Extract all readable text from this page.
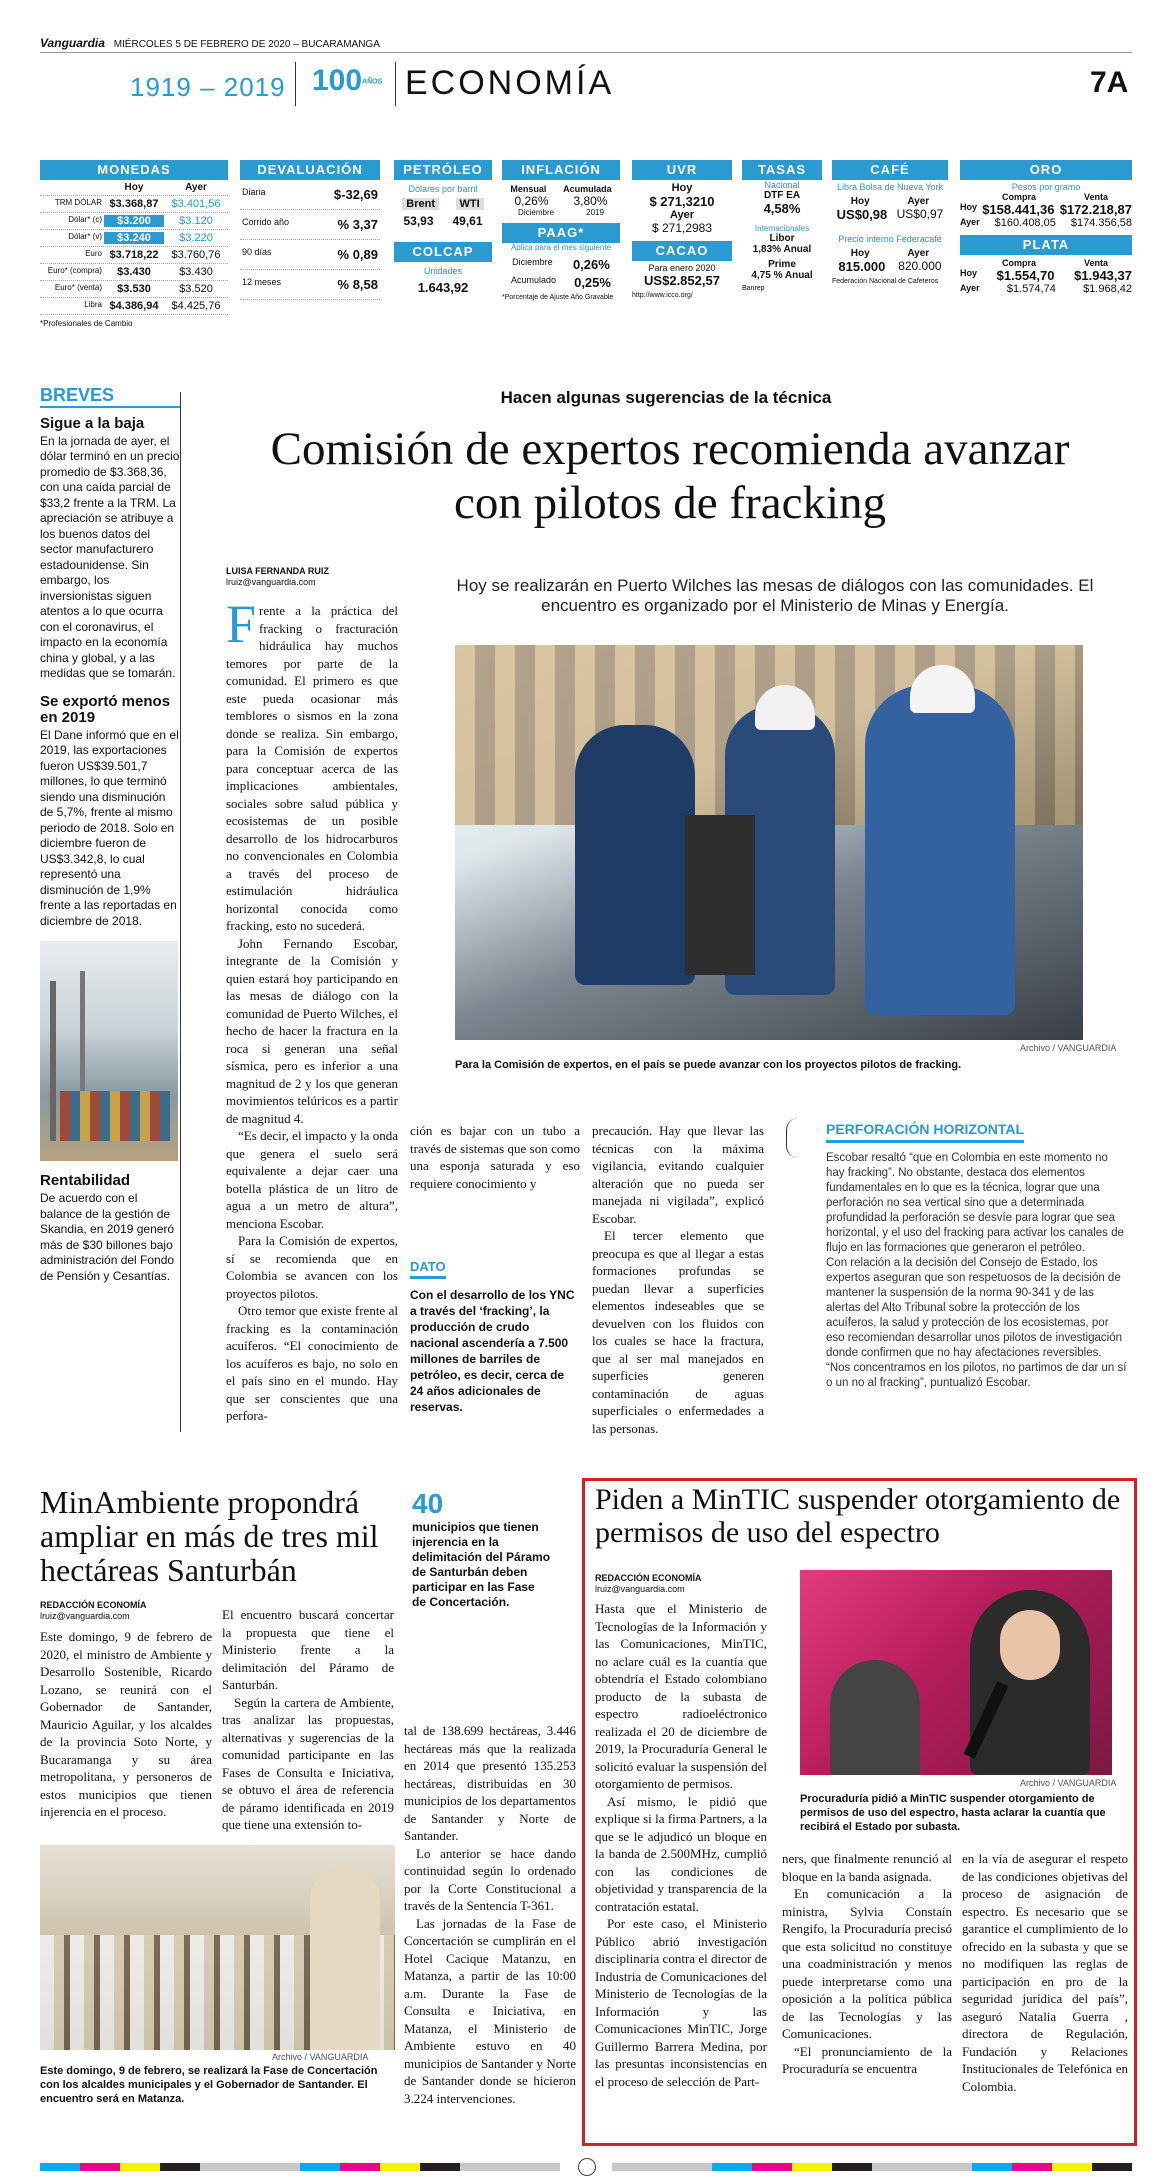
Vanguardia MIÉRCOLES 5 DE FEBRERO DE 2020 – BUCARAMANGA
1919 – 2019 100AÑOS ECONOMÍA	7A
MONEDAS
Hoy	Ayer
TRM DÓLAR $3.368,87	$3.401,56
Dólar* (c)	$3.200	$3.120
Dólar* (v)	$3.240	$3.220
Euro $3.718,22	$3.760,76
Euro* (compra)	$3.430	$3.430
Euro* (venta)	$3.530	$3.520
Libra $4.386,94	$4.425,76
*Profesionales de Cambio
DEVALUACIÓN
Diaria	$-32,69
Corrido año	% 3,37
90 días	% 0,89
12 meses	% 8,58
PETRÓLEO
Dólares por barril
Brent	WTI
53,93 49,61
COLCAP
Unidades
1.643,92
INFLACIÓN
Mensual Acumulada
0,26% 3,80%
Diciembre	2019
PAAG*
Aplica para el mes siguiente
Diciembre 0,26%
Acumulado 0,25%
*Porcentaje de Ajuste Año Gravable
UVR
Hoy
$ 271,3210
Ayer
$ 271,2983
CACAO
Para enero 2020
US$2.852,57
http://www.icco.org/
TASAS
Nacional
DTF EA
4,58%
Internacionales
Libor
1,83% Anual
Prime
4,75 % Anual
Banrep
CAFÉ
Libra Bolsa de Nueva York
Hoy	Ayer
US$0,98 US$0,97
Precio interno Federacafé
Hoy	Ayer
815.000 820.000
Federación Nacional de Cafeteros
ORO
Pesos por gramo
Compra	Venta
Hoy $158.441,36 $172.218,87
Ayer $160.408,05 $174.356,58
PLATA
Compra	Venta
Hoy $1.554,70 $1.943,37
Ayer $1.574,74 $1.968,42
BREVES
Sigue a la baja
En la jornada de ayer, el dólar terminó en un precio promedio de $3.368,36, con una caída parcial de $33,2 frente a la TRM. La apreciación se atribuye a los buenos datos del sector manufacturero estadounidense. Sin embargo, los inversionistas siguen atentos a lo que ocurra con el coronavirus, el impacto en la economía china y global, y a las medidas que se tomarán.
Se exportó menos en 2019
El Dane informó que en el 2019, las exportaciones fueron US$39.501,7 millones, lo que terminó siendo una disminución de 5,7%, frente al mismo periodo de 2018. Solo en diciembre fueron de US$3.342,8, lo cual representó una disminución de 1,9% frente a las reportadas en diciembre de 2018.
Rentabilidad
De acuerdo con el balance de la gestión de Skandia, en 2019 generó más de $30 billones bajo administración del Fondo de Pensión y Cesantías.
Hacen algunas sugerencias de la técnica
Comisión de expertos recomienda avanzar con pilotos de fracking
LUISA FERNANDA RUIZ
lruiz@vanguardia.com	Hoy se realizarán en Puerto Wilches las mesas de diálogos con las comunidades. El encuentro es organizado por el Ministerio de Minas y Energía.
Frente a la práctica del fracking o fracturación hidráulica hay muchos temores por parte de la comunidad. El primero es que este pueda ocasionar más temblores o sismos en la zona donde se realiza. Sin embargo, para la Comisión de expertos para conceptuar acerca de las implicaciones ambientales, sociales sobre salud pública y ecosistemas de un posible desarrollo de los hidrocarburos no convencionales en Colombia a través del proceso de estimulación hidráulica horizontal conocida como fracking, esto no sucederá.

John Fernando Escobar, integrante de la Comisión y quien estará hoy participando en las mesas de diálogo con la comunidad de Puerto Wilches, el hecho de hacer la fractura en la roca si generan una señal sísmica, pero es inferior a una magnitud de 2 y los que generan movimientos telúricos es a partir de magnitud 4.

“Es decir, el impacto y la onda que genera el suelo será equivalente a dejar caer una botella plástica de un litro de agua a un metro de altura”, menciona Escobar.

Para la Comisión de expertos, sí se recomienda que en Colombia se avancen con los proyectos pilotos.

Otro temor que existe frente al fracking es la contaminación acuíferos. “El conocimiento de los acuíferos es bajo, no solo en el país sino en el mundo. Hay que ser conscientes que una perfora-

Archivo / VANGUARDIA
Para la Comisión de expertos, en el país se puede avanzar con los proyectos pilotos de fracking.
ción es bajar con un tubo a través de sistemas que son como una esponja saturada y eso requiere conocimiento y
DATO
Con el desarrollo de los YNC a través del ‘fracking’, la producción de crudo nacional ascendería a 7.500 millones de barriles de petróleo, es decir, cerca de 24 años adicionales de reservas.
precaución. Hay que llevar las técnicas con la máxima vigilancia, evitando cualquier alteración que no pueda ser manejada ni vigilada”, explicó Escobar.

El tercer elemento que preocupa es que al llegar a estas formaciones profundas se puedan llevar a superficies elementos indeseables que se devuelven con los fluidos con los cuales se hace la fractura, que al ser mal manejados en superficies generen contaminación de aguas superficiales o enfermedades a las personas.

PERFORACIÓN HORIZONTAL
Escobar resaltó “que en Colombia en este momento no hay fracking”. No obstante, destaca dos elementos fundamentales en lo que es la técnica, lograr que una perforación no sea vertical sino que a determinada profundidad la perforación se desvíe para lograr que sea horizontal, y el uso del fracking para activar los canales de flujo en las formaciones que generaron el petróleo.
Con relación a la decisión del Consejo de Estado, los expertos aseguran que son respetuosos de la decisión de mantener la suspensión de la norma 90-341 y de las alertas del Alto Tribunal sobre la protección de los acuíferos, la salud y protección de los ecosistemas, por eso recomiendan desarrollar unos pilotos de investigación donde confirmen que no hay afectaciones reversibles.
“Nos concentramos en los pilotos, no partimos de dar un sí o un no al fracking”, puntualizó Escobar.
MinAmbiente propondrá ampliar en más de tres mil hectáreas Santurbán
REDACCIÓN ECONOMÍA
lruiz@vanguardia.com
40
municipios que tienen injerencia en la delimitación del Páramo de Santurbán deben participar en las Fase de Concertación.
Este domingo, 9 de febrero de 2020, el ministro de Ambiente y Desarrollo Sostenible, Ricardo Lozano, se reunirá con el Gobernador de Santander, Mauricio Aguilar, y los alcaldes de la provincia Soto Norte, y Bucaramanga y su área metropolitana, y personeros de estos municipios que tienen injerencia en el proceso.
El encuentro buscará concertar la propuesta que tiene el Ministerio frente a la delimitación del Páramo de Santurbán.

Según la cartera de Ambiente, tras analizar las propuestas, alternativas y sugerencias de la comunidad participante en las Fases de Consulta e Iniciativa, se obtuvo el área de referencia de páramo identificada en 2019 que tiene una extensión to-

tal de 138.699 hectáreas, 3.446 hectáreas más que la realizada en 2014 que presentó 135.253 hectáreas, distribuidas en 30 municipios de los departamentos de Santander y Norte de Santander.

Lo anterior se hace dando continuidad según lo ordenado por la Corte Constitucional a través de la Sentencia T-361.

Las jornadas de la Fase de Concertación se cumplirán en el Hotel Cacique Matanzu, en Matanza, a partir de las 10:00 a.m. Durante la Fase de Consulta e Iniciativa, en Matanza, el Ministerio de Ambiente estuvo en 40 municipios de Santander y Norte de Santander donde se hicieron 3.224 intervenciones.

Archivo / VANGUARDIA
Este domingo, 9 de febrero, se realizará la Fase de Concertación con los alcaldes municipales y el Gobernador de Santander. El encuentro será en Matanza.
Piden a MinTIC suspender otorgamiento de permisos de uso del espectro
REDACCIÓN ECONOMÍA
lruiz@vanguardia.com
Hasta que el Ministerio de Tecnologías de la Información y las Comunicaciones, MinTIC, no aclare cuál es la cuantía que obtendría el Estado colombiano producto de la subasta de espectro radioeléctronico realizada el 20 de diciembre de 2019, la Procuraduría General le solicitó evaluar la suspensión del otorgamiento de permisos.

Así mismo, le pidió que explique si la firma Partners, a la que se le adjudicó un bloque en la banda de 2.500MHz, cumplió con las condiciones de objetividad y transparencia de la contratación estatal.

Por este caso, el Ministerio Público abrió investigación disciplinaria contra el director de Industria de Comunicaciones del Ministerio de Tecnologías de la Información y las Comunicaciones MinTIC, Jorge Guillermo Barrera Medina, por las presuntas inconsistencias en el proceso de selección de Part-

Archivo / VANGUARDIA
Procuraduría pidió a MinTIC suspender otorgamiento de permisos de uso del espectro, hasta aclarar la cuantía que recibirá el Estado por subasta.
ners, que finalmente renunció al bloque en la banda asignada.

En comunicación a la ministra, Sylvia Constaín Rengifo, la Procuraduría precisó que esta solicitud no constituye una coadministración y menos puede interpretarse como una oposición a la política pública de las Tecnologías y las Comunicaciones.

“El pronunciamiento de la Procuraduría se encuentra

en la vía de asegurar el respeto de las condiciones objetivas del proceso de asignación de espectro. Es necesario que se garantice el cumplimiento de lo ofrecido en la subasta y que se no modifiquen las reglas de participación en pro de la seguridad jurídica del país”, aseguró Natalia Guerra , directora de Regulación, Fundación y Relaciones Institucionales de Telefónica en Colombia.
